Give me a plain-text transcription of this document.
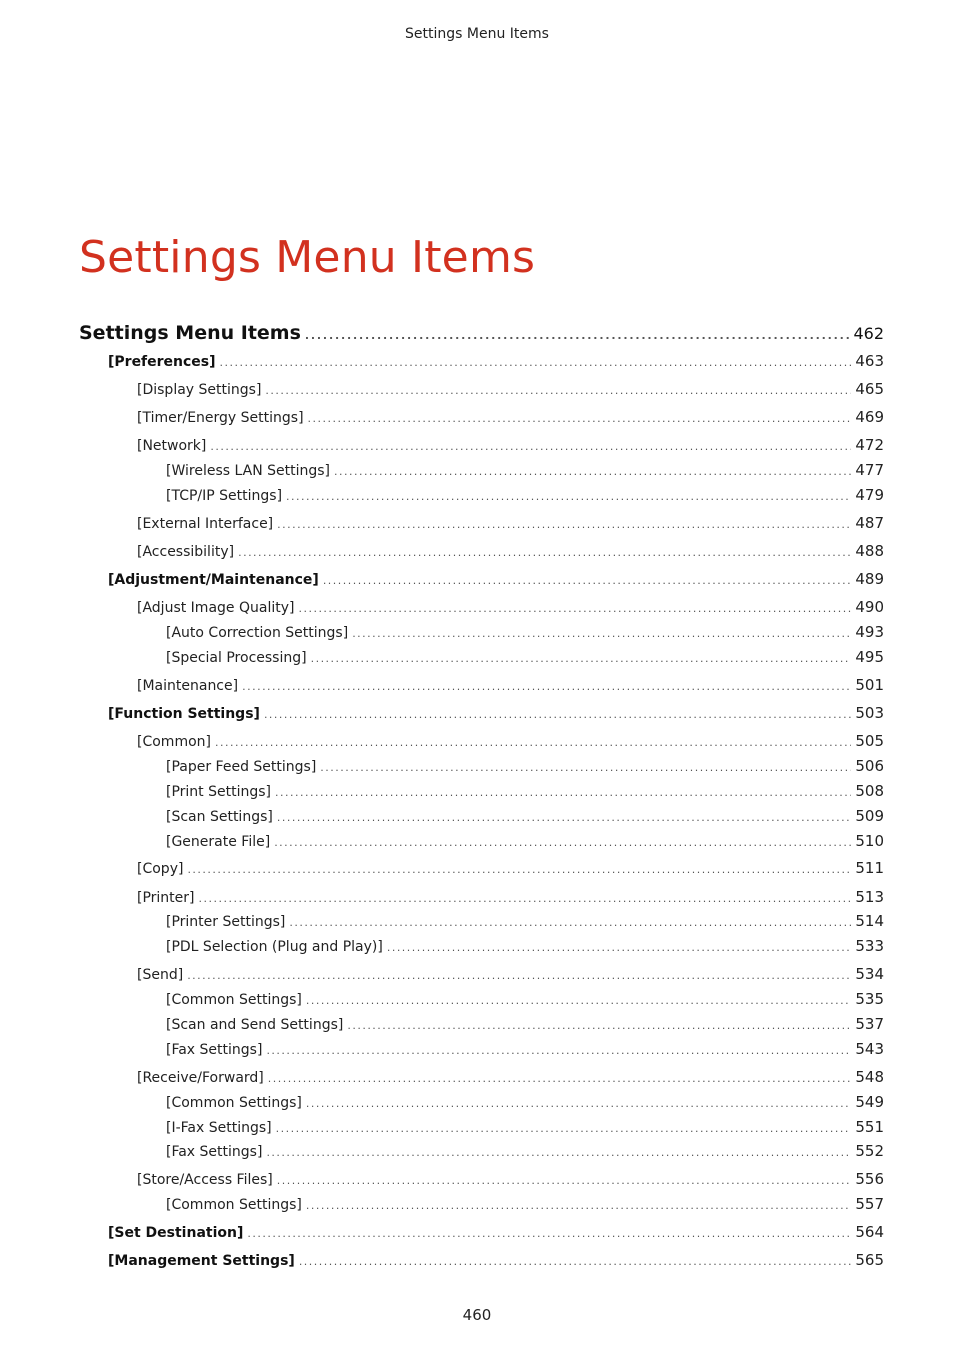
Settings Menu Items
Settings Menu Items
Settings Menu Items . . .	462
[Preferences] . . .	463
[Display Settings] . . .	465
[Timer/Energy Settings] . . .	469
[Network] . . .	472
[Wireless LAN Settings] . . .	477
[TCP/IP Settings] . . .	479
[External Interface] . . .	487
[Accessibility] . . .	488
[Adjustment/Maintenance] . . .	489
[Adjust Image Quality] . . .	490
[Auto Correction Settings] . . .	493
[Special Processing] . . .	495
[Maintenance] . . .	501
[Function Settings] . . .	503
[Common] . . .	505
[Paper Feed Settings] . . .	506
[Print Settings] . . .	508
[Scan Settings] . . .	509
[Generate File] . . .	510
[Copy] . . .	511
[Printer] . . .	513
[Printer Settings] . . .	514
[PDL Selection (Plug and Play)] . . .	533
[Send] . . .	534
[Common Settings] . . .	535
[Scan and Send Settings] . . .	537
[Fax Settings] . . .	543
[Receive/Forward] . . .	548
[Common Settings] . . .	549
[I-Fax Settings] . . .	551
[Fax Settings] . . .	552
[Store/Access Files] . . .	556
[Common Settings] . . .	557
[Set Destination] . . .	564
[Management Settings] . . .	565
460
